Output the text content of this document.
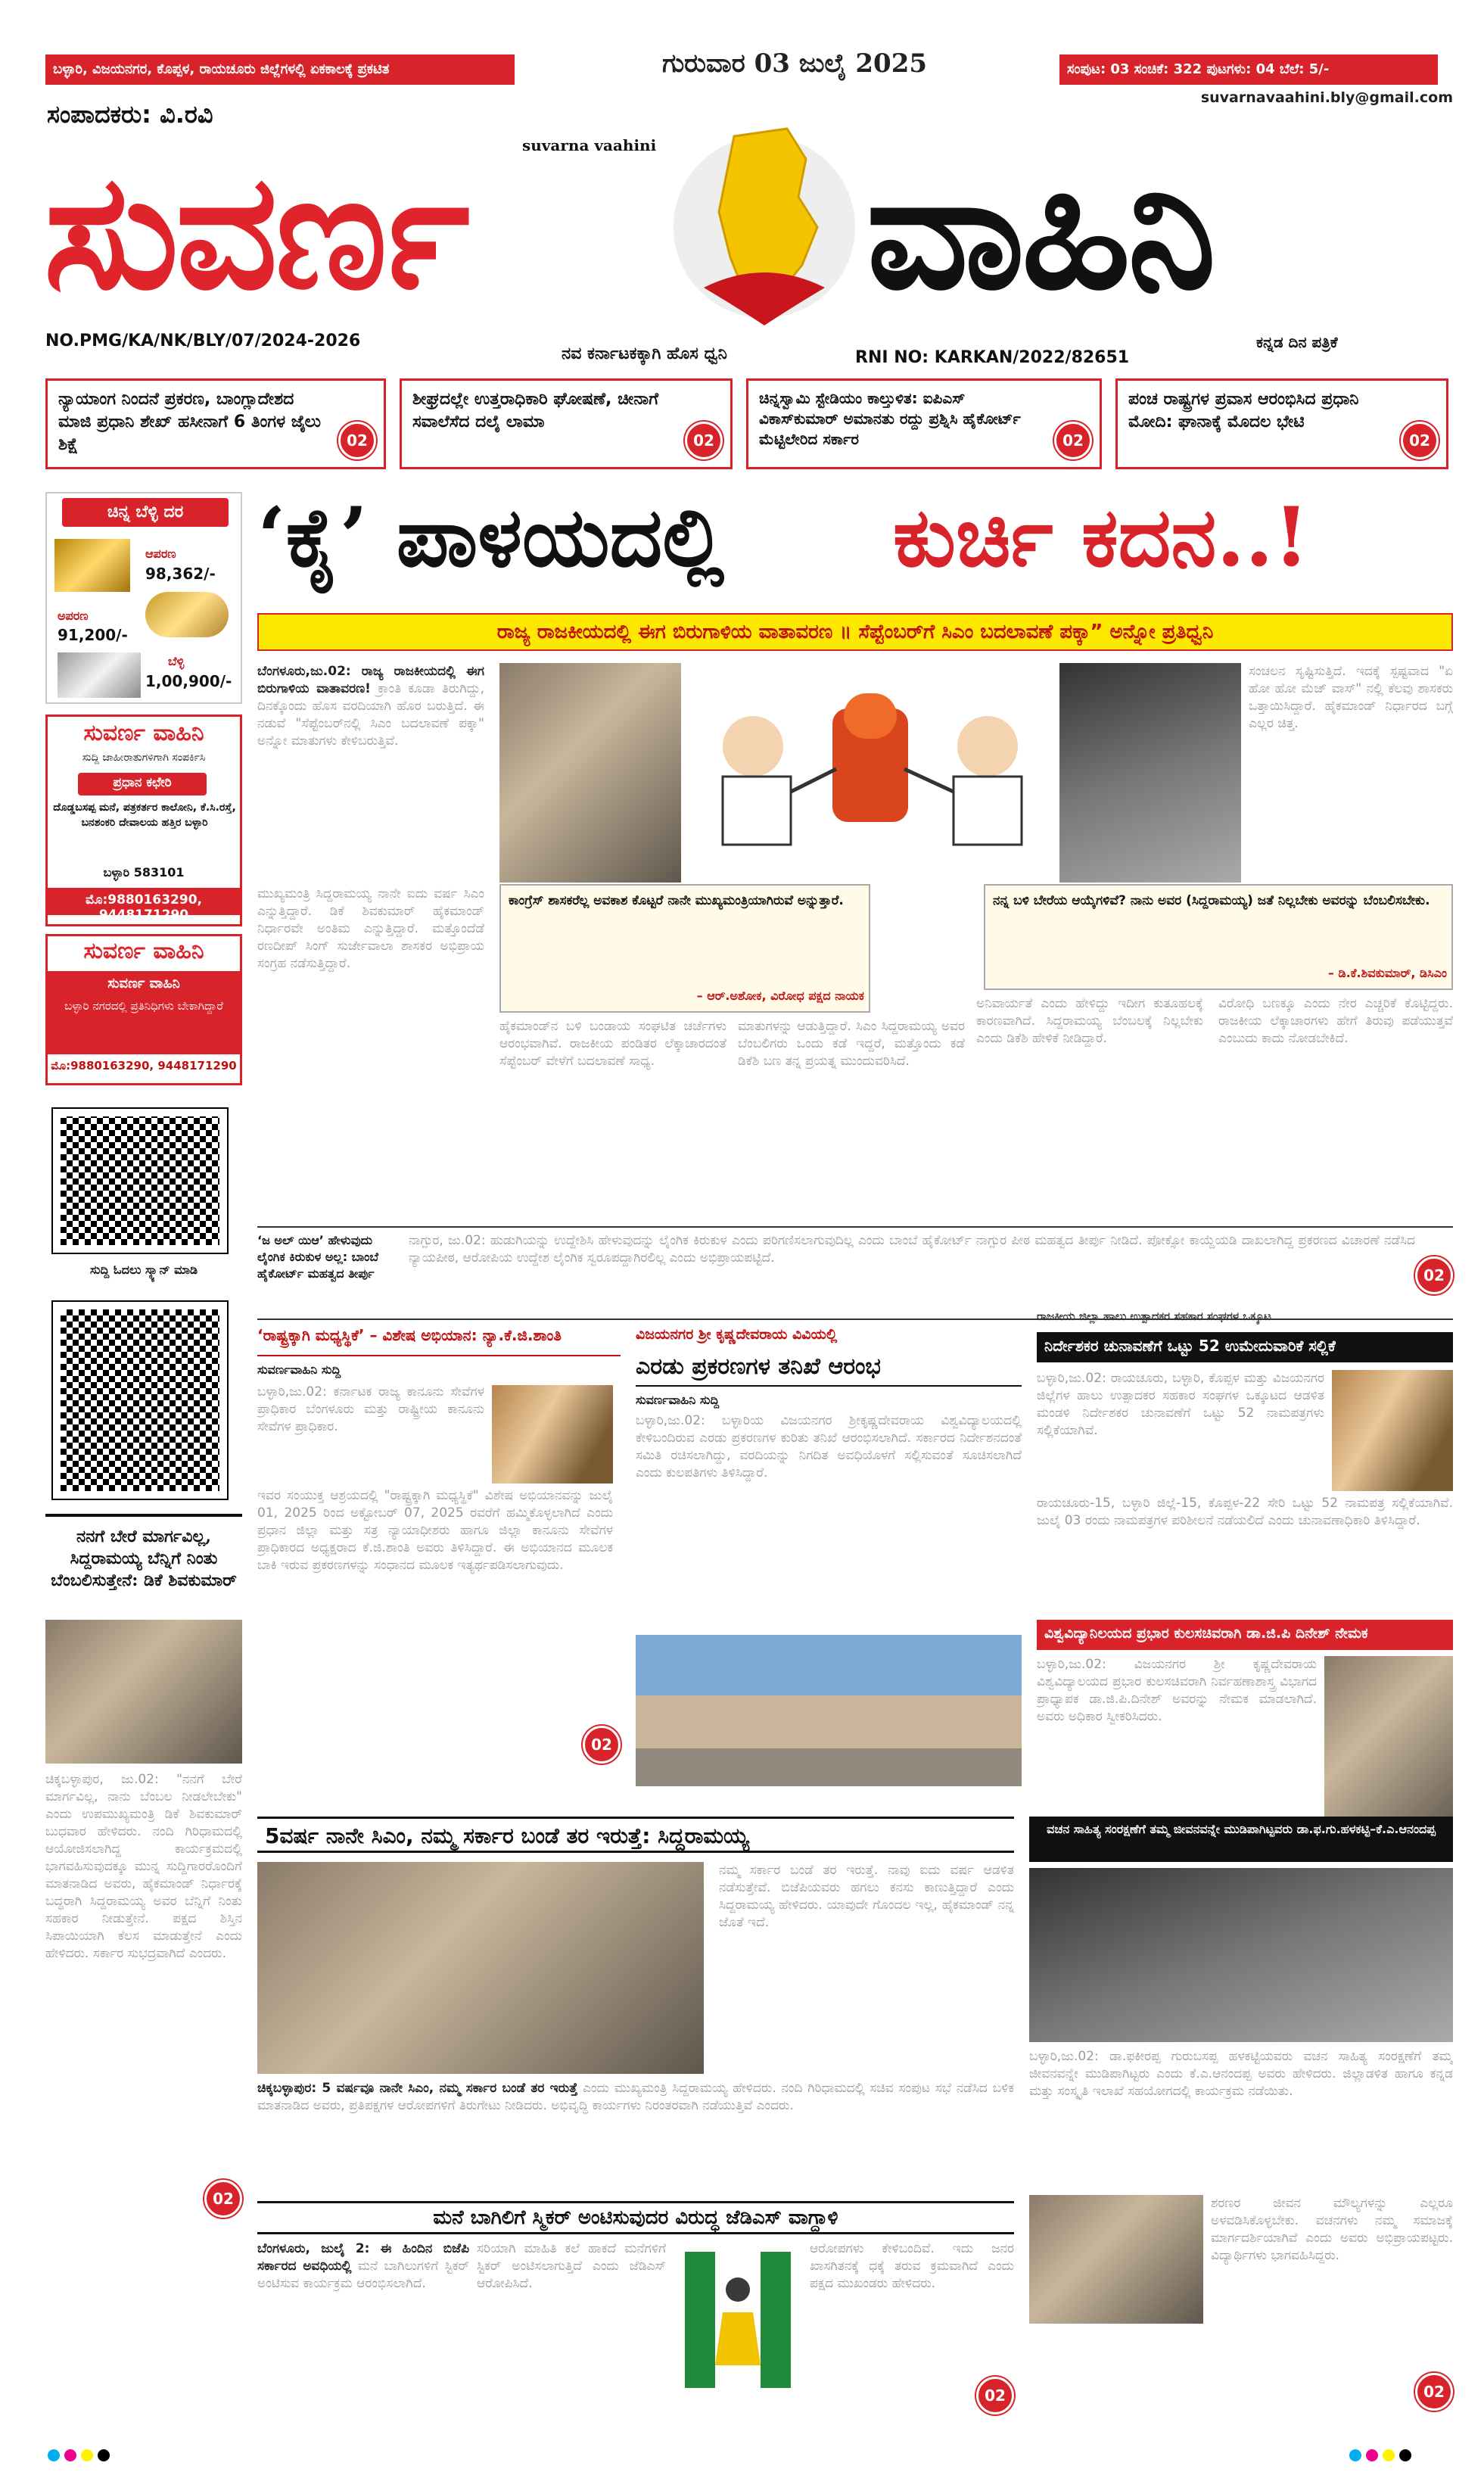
ಬಳ್ಳಾರಿ, ವಿಜಯನಗರ, ಕೊಪ್ಪಳ, ರಾಯಚೂರು ಜಿಲ್ಲೆಗಳಲ್ಲಿ ಏಕಕಾಲಕ್ಕೆ ಪ್ರಕಟಿತ	ಗುರುವಾರ 03 ಜುಲೈ 2025	ಸಂಪುಟ: 03 ಸಂಚಿಕೆ: 322 ಪುಟಗಳು: 04 ಬೆಲೆ: 5/-
suvarnavaahini.bly@gmail.com
ಸಂಪಾದಕರು: ವಿ.ರವಿ
suvarna vaahini
ಸುವರ್ಣ	ವಾಹಿನಿ
NO.PMG/KA/NK/BLY/07/2024-2026
ನವ ಕರ್ನಾಟಕಕ್ಕಾಗಿ ಹೊಸ ಧ್ವನಿ	RNI NO: KARKAN/2022/82651
ಕನ್ನಡ ದಿನ ಪತ್ರಿಕೆ
ನ್ಯಾಯಾಂಗ ನಿಂದನೆ ಪ್ರಕರಣ, ಬಾಂಗ್ಲಾದೇಶದ ಮಾಜಿ ಪ್ರಧಾನಿ ಶೇಖ್ ಹಸೀನಾಗೆ 6 ತಿಂಗಳ ಜೈಲು ಶಿಕ್ಷೆ	02
ಶೀಘ್ರದಲ್ಲೇ ಉತ್ತರಾಧಿಕಾರಿ ಘೋಷಣೆ, ಚೀನಾಗೆ ಸವಾಲೆಸೆದ ದಲೈ ಲಾಮಾ
02
ಚಿನ್ನಸ್ವಾಮಿ ಸ್ಟೇಡಿಯಂ ಕಾಲ್ತುಳಿತ: ಐಪಿಎಸ್ ವಿಕಾಸ್‌ಕುಮಾರ್ ಅಮಾನತು ರದ್ದು ಪ್ರಶ್ನಿಸಿ ಹೈಕೋರ್ಟ್ ಮೆಟ್ಟಿಲೇರಿದ ಸರ್ಕಾರ	02
ಪಂಚ ರಾಷ್ಟ್ರಗಳ ಪ್ರವಾಸ ಆರಂಭಿಸಿದ ಪ್ರಧಾನಿ ಮೋದಿ: ಘಾನಾಕ್ಕೆ ಮೊದಲ ಭೇಟಿ
02
ಚಿನ್ನ ಬೆಳ್ಳಿ ದರ
ಆಪರಣ
98,362/-
ಅಪರಣ
91,200/-
ಬೆಳ್ಳಿ
1,00,900/-
ಸುವರ್ಣ ವಾಹಿನಿ
ಸುದ್ದಿ ಜಾಹೀರಾತುಗಳಿಗಾಗಿ ಸಂಪರ್ಕಿಸಿ
ಪ್ರಧಾನ ಕಛೇರಿ
ದೊಡ್ಡಬಸಪ್ಪ ಮನೆ, ಪತ್ರಕರ್ತರ ಕಾಲೋನಿ, ಕೆ.ಸಿ.ರಸ್ತೆ, ಬನಶಂಕರಿ ದೇವಾಲಯ ಹತ್ತಿರ ಬಳ್ಳಾರಿ
ಬಳ್ಳಾರಿ 583101
ಮೊ:9880163290, 9448171290
ಸುವರ್ಣ ವಾಹಿನಿ
ಸುವರ್ಣ ವಾಹಿನಿ
ಬಳ್ಳಾರಿ ನಗರದಲ್ಲಿ ಪ್ರತಿನಿಧಿಗಳು ಬೇಕಾಗಿದ್ದಾರೆ
ಮೊ:9880163290, 9448171290
ಸುದ್ದಿ ಓದಲು ಸ್ಕ್ಯಾನ್ ಮಾಡಿ
ನನಗೆ ಬೇರೆ ಮಾರ್ಗವಿಲ್ಲ, ಸಿದ್ದರಾಮಯ್ಯ ಬೆನ್ನಿಗೆ ನಿಂತು ಬೆಂಬಲಿಸುತ್ತೇನೆ: ಡಿಕೆ ಶಿವಕುಮಾರ್
ಚಿಕ್ಕಬಳ್ಳಾಪುರ, ಜು.02: "ನನಗೆ ಬೇರೆ ಮಾರ್ಗವಿಲ್ಲ, ನಾನು ಬೆಂಬಲ ನೀಡಲೇಬೇಕು" ಎಂದು ಉಪಮುಖ್ಯಮಂತ್ರಿ ಡಿಕೆ ಶಿವಕುಮಾರ್ ಬುಧವಾರ ಹೇಳಿದರು. ನಂದಿ ಗಿರಿಧಾಮದಲ್ಲಿ ಆಯೋಜಿಸಲಾಗಿದ್ದ ಕಾರ್ಯಕ್ರಮದಲ್ಲಿ ಭಾಗವಹಿಸುವುದಕ್ಕೂ ಮುನ್ನ ಸುದ್ದಿಗಾರರೊಂದಿಗೆ ಮಾತನಾಡಿದ ಅವರು, ಹೈಕಮಾಂಡ್ ನಿರ್ಧಾರಕ್ಕೆ ಬದ್ಧರಾಗಿ ಸಿದ್ದರಾಮಯ್ಯ ಅವರ ಬೆನ್ನಿಗೆ ನಿಂತು ಸಹಕಾರ ನೀಡುತ್ತೇನೆ. ಪಕ್ಷದ ಶಿಸ್ತಿನ ಸಿಪಾಯಿಯಾಗಿ ಕೆಲಸ ಮಾಡುತ್ತೇನೆ ಎಂದು ಹೇಳಿದರು. ಸರ್ಕಾರ ಸುಭದ್ರವಾಗಿದೆ ಎಂದರು.
02
‘ಕೈ’ ಪಾಳಯದಲ್ಲಿ	ಕುರ್ಚಿ ಕದನ..!
ರಾಜ್ಯ ರಾಜಕೀಯದಲ್ಲಿ ಈಗ ಬಿರುಗಾಳಿಯ ವಾತಾವರಣ ॥ ಸೆಪ್ಟೆಂಬರ್‌ಗೆ ಸಿಎಂ ಬದಲಾವಣೆ ಪಕ್ಕಾ” ಅನ್ನೋ ಪ್ರತಿಧ್ವನಿ
ಬೆಂಗಳೂರು,ಜು.02: ರಾಜ್ಯ ರಾಜಕೀಯದಲ್ಲಿ ಈಗ ಬಿರುಗಾಳಿಯ ವಾತಾವರಣ! ಕ್ರಾಂತಿ ಕೂಡಾ ತಿರುಗಿದ್ದು, ದಿನಕ್ಕೊಂದು ಹೊಸ ವರದಿಯಾಗಿ ಹೊರ ಬರುತ್ತಿದೆ. ಈ ನಡುವೆ "ಸೆಪ್ಟೆಂಬರ್‌ನಲ್ಲಿ ಸಿಎಂ ಬದಲಾವಣೆ ಪಕ್ಕಾ" ಅನ್ನೋ ಮಾತುಗಳು ಕೇಳಿಬರುತ್ತಿವೆ.
ಸಂಚಲನ ಸೃಷ್ಟಿಸುತ್ತಿದೆ. ಇದಕ್ಕೆ ಸ್ಪಷ್ಟವಾದ "ಏ ಹೋ ಹೋ ಮೆಜ್ ವಾಸ್" ನಲ್ಲಿ ಕೆಲವು ಶಾಸಕರು ಒತ್ತಾಯಿಸಿದ್ದಾರೆ. ಹೈಕಮಾಂಡ್ ನಿರ್ಧಾರದ ಬಗ್ಗೆ ಎಲ್ಲರ ಚಿತ್ತ.
ಕಾಂಗ್ರೆಸ್ ಶಾಸಕರೆಲ್ಲ ಅವಕಾಶ ಕೊಟ್ಟರೆ ನಾನೇ ಮುಖ್ಯಮಂತ್ರಿಯಾಗಿರುವೆ ಅನ್ನುತ್ತಾರೆ.
– ಆರ್.ಅಶೋಕ, ವಿರೋಧ ಪಕ್ಷದ ನಾಯಕ
ನನ್ನ ಬಳಿ ಬೇರೆಯ ಆಯ್ಕೆಗಳಿವೆ? ನಾನು ಅವರ (ಸಿದ್ದರಾಮಯ್ಯ) ಜತೆ ನಿಲ್ಲಬೇಕು ಅವರನ್ನು ಬೆಂಬಲಿಸಬೇಕು.
– ಡಿ.ಕೆ.ಶಿವಕುಮಾರ್, ಡಿಸಿಎಂ
ಮುಖ್ಯಮಂತ್ರಿ ಸಿದ್ದರಾಮಯ್ಯ ನಾನೇ ಐದು ವರ್ಷ ಸಿಎಂ ಎನ್ನುತ್ತಿದ್ದಾರೆ. ಡಿಕೆ ಶಿವಕುಮಾರ್ ಹೈಕಮಾಂಡ್ ನಿರ್ಧಾರವೇ ಅಂತಿಮ ಎನ್ನುತ್ತಿದ್ದಾರೆ. ಮತ್ತೊಂದೆಡೆ ರಣದೀಪ್ ಸಿಂಗ್ ಸುರ್ಜೇವಾಲಾ ಶಾಸಕರ ಅಭಿಪ್ರಾಯ ಸಂಗ್ರಹ ನಡೆಸುತ್ತಿದ್ದಾರೆ.
ಹೈಕಮಾಂಡ್‌ನ ಬಳಿ ಬಂಡಾಯ ಸಂಘಟಿತ ಚರ್ಚೆಗಳು ಆರಂಭವಾಗಿವೆ. ರಾಜಕೀಯ ಪಂಡಿತರ ಲೆಕ್ಕಾಚಾರದಂತೆ ಸೆಪ್ಟೆಂಬರ್ ವೇಳೆಗೆ ಬದಲಾವಣೆ ಸಾಧ್ಯ.
ಮಾತುಗಳನ್ನು ಆಡುತ್ತಿದ್ದಾರೆ. ಸಿಎಂ ಸಿದ್ದರಾಮಯ್ಯ ಅವರ ಬೆಂಬಲಿಗರು ಒಂದು ಕಡೆ ಇದ್ದರೆ, ಮತ್ತೊಂದು ಕಡೆ ಡಿಕೆಶಿ ಬಣ ತನ್ನ ಪ್ರಯತ್ನ ಮುಂದುವರಿಸಿದೆ.
ಅನಿವಾರ್ಯತೆ ಎಂದು ಹೇಳಿದ್ದು ಇದೀಗ ಕುತೂಹಲಕ್ಕೆ ಕಾರಣವಾಗಿದೆ. ಸಿದ್ದರಾಮಯ್ಯ ಬೆಂಬಲಕ್ಕೆ ನಿಲ್ಲಬೇಕು ಎಂದು ಡಿಕೆಶಿ ಹೇಳಿಕೆ ನೀಡಿದ್ದಾರೆ.
ವಿರೋಧಿ ಬಣಕ್ಕೂ ಎಂದು ನೇರ ಎಚ್ಚರಿಕೆ ಕೊಟ್ಟಿದ್ದರು. ರಾಜಕೀಯ ಲೆಕ್ಕಾಚಾರಗಳು ಹೇಗೆ ತಿರುವು ಪಡೆಯುತ್ತವೆ ಎಂಬುದು ಕಾದು ನೋಡಬೇಕಿದೆ.
‘ಜ ಅಲ್ ಯಿಆ’ ಹೇಳುವುದು ಲೈಂಗಿಕ ಕಿರುಕುಳ ಅಲ್ಲ: ಬಾಂಬೆ ಹೈಕೋರ್ಟ್ ಮಹತ್ವದ ತೀರ್ಪು
ನಾಗ್ಪುರ, ಜು.02: ಹುಡುಗಿಯನ್ನು ಉದ್ದೇಶಿಸಿ ಹೇಳುವುದನ್ನು ಲೈಂಗಿಕ ಕಿರುಕುಳ ಎಂದು ಪರಿಗಣಿಸಲಾಗುವುದಿಲ್ಲ ಎಂದು ಬಾಂಬೆ ಹೈಕೋರ್ಟ್ ನಾಗ್ಪುರ ಪೀಠ ಮಹತ್ವದ ತೀರ್ಪು ನೀಡಿದೆ. ಪೋಕ್ಸೋ ಕಾಯ್ದೆಯಡಿ ದಾಖಲಾಗಿದ್ದ ಪ್ರಕರಣದ ವಿಚಾರಣೆ ನಡೆಸಿದ ನ್ಯಾಯಪೀಠ, ಆರೋಪಿಯ ಉದ್ದೇಶ ಲೈಂಗಿಕ ಸ್ವರೂಪದ್ದಾಗಿರಲಿಲ್ಲ ಎಂದು ಅಭಿಪ್ರಾಯಪಟ್ಟಿದೆ.
02
‘ರಾಷ್ಟ್ರಕ್ಕಾಗಿ ಮಧ್ಯಸ್ಥಿಕೆ’ – ವಿಶೇಷ ಅಭಿಯಾನ: ನ್ಯಾ.ಕೆ.ಜಿ.ಶಾಂತಿ
ಸುವರ್ಣವಾಹಿನಿ ಸುದ್ದಿ
ಬಳ್ಳಾರಿ,ಜು.02: ಕರ್ನಾಟಕ ರಾಜ್ಯ ಕಾನೂನು ಸೇವೆಗಳ ಪ್ರಾಧಿಕಾರ ಬೆಂಗಳೂರು ಮತ್ತು ರಾಷ್ಟ್ರೀಯ ಕಾನೂನು ಸೇವೆಗಳ ಪ್ರಾಧಿಕಾರ.
ಇವರ ಸಂಯುಕ್ತ ಆಶ್ರಯದಲ್ಲಿ "ರಾಷ್ಟ್ರಕ್ಕಾಗಿ ಮಧ್ಯಸ್ಥಿಕೆ" ವಿಶೇಷ ಅಭಿಯಾನವನ್ನು ಜುಲೈ 01, 2025 ರಿಂದ ಅಕ್ಟೋಬರ್ 07, 2025 ರವರೆಗೆ ಹಮ್ಮಿಕೊಳ್ಳಲಾಗಿದೆ ಎಂದು ಪ್ರಧಾನ ಜಿಲ್ಲಾ ಮತ್ತು ಸತ್ರ ನ್ಯಾಯಾಧೀಶರು ಹಾಗೂ ಜಿಲ್ಲಾ ಕಾನೂನು ಸೇವೆಗಳ ಪ್ರಾಧಿಕಾರದ ಅಧ್ಯಕ್ಷರಾದ ಕೆ.ಜಿ.ಶಾಂತಿ ಅವರು ತಿಳಿಸಿದ್ದಾರೆ. ಈ ಅಭಿಯಾನದ ಮೂಲಕ ಬಾಕಿ ಇರುವ ಪ್ರಕರಣಗಳನ್ನು ಸಂಧಾನದ ಮೂಲಕ ಇತ್ಯರ್ಥಪಡಿಸಲಾಗುವುದು.
02
ವಿಜಯನಗರ ಶ್ರೀ ಕೃಷ್ಣದೇವರಾಯ ವಿವಿಯಲ್ಲಿ
ಎರಡು ಪ್ರಕರಣಗಳ ತನಿಖೆ ಆರಂಭ
ಸುವರ್ಣವಾಹಿನಿ ಸುದ್ದಿ
ಬಳ್ಳಾರಿ,ಜು.02: ಬಳ್ಳಾರಿಯ ವಿಜಯನಗರ ಶ್ರೀಕೃಷ್ಣದೇವರಾಯ ವಿಶ್ವವಿದ್ಯಾಲಯದಲ್ಲಿ ಕೇಳಿಬಂದಿರುವ ಎರಡು ಪ್ರಕರಣಗಳ ಕುರಿತು ತನಿಖೆ ಆರಂಭಿಸಲಾಗಿದೆ. ಸರ್ಕಾರದ ನಿರ್ದೇಶನದಂತೆ ಸಮಿತಿ ರಚಿಸಲಾಗಿದ್ದು, ವರದಿಯನ್ನು ನಿಗದಿತ ಅವಧಿಯೊಳಗೆ ಸಲ್ಲಿಸುವಂತೆ ಸೂಚಿಸಲಾಗಿದೆ ಎಂದು ಕುಲಪತಿಗಳು ತಿಳಿಸಿದ್ದಾರೆ.
ರಾಜಕೀಯ ಜಿಲ್ಲಾ ಹಾಲು ಉತ್ಪಾದಕರ ಸಹಕಾರ ಸಂಘಗಳ ಒಕ್ಕೂಟ
ನಿರ್ದೇಶಕರ ಚುನಾವಣೆಗೆ ಒಟ್ಟು 52 ಉಮೇದುವಾರಿಕೆ ಸಲ್ಲಿಕೆ
ಬಳ್ಳಾರಿ,ಜು.02: ರಾಯಚೂರು, ಬಳ್ಳಾರಿ, ಕೊಪ್ಪಳ ಮತ್ತು ವಿಜಯನಗರ ಜಿಲ್ಲೆಗಳ ಹಾಲು ಉತ್ಪಾದಕರ ಸಹಕಾರ ಸಂಘಗಳ ಒಕ್ಕೂಟದ ಆಡಳಿತ ಮಂಡಳಿ ನಿರ್ದೇಶಕರ ಚುನಾವಣೆಗೆ ಒಟ್ಟು 52 ನಾಮಪತ್ರಗಳು ಸಲ್ಲಿಕೆಯಾಗಿವೆ.
ರಾಯಚೂರು-15, ಬಳ್ಳಾರಿ ಜಿಲ್ಲೆ-15, ಕೊಪ್ಪಳ-22 ಸೇರಿ ಒಟ್ಟು 52 ನಾಮಪತ್ರ ಸಲ್ಲಿಕೆಯಾಗಿವೆ. ಜುಲೈ 03 ರಂದು ನಾಮಪತ್ರಗಳ ಪರಿಶೀಲನೆ ನಡೆಯಲಿದೆ ಎಂದು ಚುನಾವಣಾಧಿಕಾರಿ ತಿಳಿಸಿದ್ದಾರೆ.
ವಿಶ್ವವಿದ್ಯಾನಿಲಯದ ಪ್ರಭಾರ ಕುಲಸಚಿವರಾಗಿ ಡಾ.ಜಿ.ಪಿ ದಿನೇಶ್ ನೇಮಕ
ಬಳ್ಳಾರಿ,ಜು.02: ವಿಜಯನಗರ ಶ್ರೀ ಕೃಷ್ಣದೇವರಾಯ ವಿಶ್ವವಿದ್ಯಾಲಯದ ಪ್ರಭಾರ ಕುಲಸಚಿವರಾಗಿ ನಿರ್ವಹಣಾಶಾಸ್ತ್ರ ವಿಭಾಗದ ಪ್ರಾಧ್ಯಾಪಕ ಡಾ.ಜಿ.ಪಿ.ದಿನೇಶ್ ಅವರನ್ನು ನೇಮಕ ಮಾಡಲಾಗಿದೆ. ಅವರು ಅಧಿಕಾರ ಸ್ವೀಕರಿಸಿದರು.
5ವರ್ಷ ನಾನೇ ಸಿಎಂ, ನಮ್ಮ ಸರ್ಕಾರ ಬಂಡೆ ತರ ಇರುತ್ತೆ: ಸಿದ್ದರಾಮಯ್ಯ
ನಮ್ಮ ಸರ್ಕಾರ ಬಂಡೆ ತರ ಇರುತ್ತೆ. ನಾವು ಐದು ವರ್ಷ ಆಡಳಿತ ನಡೆಸುತ್ತೇವೆ. ಬಿಜೆಪಿಯವರು ಹಗಲು ಕನಸು ಕಾಣುತ್ತಿದ್ದಾರೆ ಎಂದು ಸಿದ್ದರಾಮಯ್ಯ ಹೇಳಿದರು. ಯಾವುದೇ ಗೊಂದಲ ಇಲ್ಲ, ಹೈಕಮಾಂಡ್ ನನ್ನ ಜೊತೆ ಇದೆ.
ಚಿಕ್ಕಬಳ್ಳಾಪುರ: 5 ವರ್ಷವೂ ನಾನೇ ಸಿಎಂ, ನಮ್ಮ ಸರ್ಕಾರ ಬಂಡೆ ತರ ಇರುತ್ತೆ ಎಂದು ಮುಖ್ಯಮಂತ್ರಿ ಸಿದ್ದರಾಮಯ್ಯ ಹೇಳಿದರು. ನಂದಿ ಗಿರಿಧಾಮದಲ್ಲಿ ಸಚಿವ ಸಂಪುಟ ಸಭೆ ನಡೆಸಿದ ಬಳಿಕ ಮಾತನಾಡಿದ ಅವರು, ಪ್ರತಿಪಕ್ಷಗಳ ಆರೋಪಗಳಿಗೆ ತಿರುಗೇಟು ನೀಡಿದರು. ಅಭಿವೃದ್ಧಿ ಕಾರ್ಯಗಳು ನಿರಂತರವಾಗಿ ನಡೆಯುತ್ತಿವೆ ಎಂದರು.
ವಚನ ಸಾಹಿತ್ಯ ಸಂರಕ್ಷಣೆಗೆ ತಮ್ಮ ಜೀವನವನ್ನೇ ಮುಡಿಪಾಗಿಟ್ಟವರು ಡಾ.ಫ.ಗು.ಹಳಕಟ್ಟಿ–ಕೆ.ಎ.ಆನಂದಪ್ಪ
ಬಳ್ಳಾರಿ,ಜು.02: ಡಾ.ಫಕೀರಪ್ಪ ಗುರುಬಸಪ್ಪ ಹಳಕಟ್ಟಿಯವರು ವಚನ ಸಾಹಿತ್ಯ ಸಂರಕ್ಷಣೆಗೆ ತಮ್ಮ ಜೀವನವನ್ನೇ ಮುಡಿಪಾಗಿಟ್ಟರು ಎಂದು ಕೆ.ಎ.ಆನಂದಪ್ಪ ಅವರು ಹೇಳಿದರು. ಜಿಲ್ಲಾಡಳಿತ ಹಾಗೂ ಕನ್ನಡ ಮತ್ತು ಸಂಸ್ಕೃತಿ ಇಲಾಖೆ ಸಹಯೋಗದಲ್ಲಿ ಕಾರ್ಯಕ್ರಮ ನಡೆಯಿತು.
ಶರಣರ ಜೀವನ ಮೌಲ್ಯಗಳನ್ನು ಎಲ್ಲರೂ ಅಳವಡಿಸಿಕೊಳ್ಳಬೇಕು. ವಚನಗಳು ನಮ್ಮ ಸಮಾಜಕ್ಕೆ ಮಾರ್ಗದರ್ಶಿಯಾಗಿವೆ ಎಂದು ಅವರು ಅಭಿಪ್ರಾಯಪಟ್ಟರು. ವಿದ್ಯಾರ್ಥಿಗಳು ಭಾಗವಹಿಸಿದ್ದರು.
02
ಮನೆ ಬಾಗಿಲಿಗೆ ಸ್ಮಿಕರ್ ಅಂಟಿಸುವುದರ ವಿರುದ್ಧ ಜೆಡಿಎಸ್ ವಾಗ್ದಾಳಿ
ಬೆಂಗಳೂರು, ಜುಲೈ 2: ಈ ಹಿಂದಿನ ಬಿಜೆಪಿ ಸರ್ಕಾರದ ಅವಧಿಯಲ್ಲಿ ಮನೆ ಬಾಗಿಲುಗಳಿಗೆ ಸ್ಟಿಕರ್ ಅಂಟಿಸುವ ಕಾರ್ಯಕ್ರಮ ಆರಂಭಿಸಲಾಗಿದೆ.
ಸರಿಯಾಗಿ ಮಾಹಿತಿ ಕಲೆ ಹಾಕದೆ ಮನೆಗಳಿಗೆ ಸ್ಟಿಕರ್ ಅಂಟಿಸಲಾಗುತ್ತಿದೆ ಎಂದು ಜೆಡಿಎಸ್ ಆರೋಪಿಸಿದೆ.
ಆರೋಪಗಳು ಕೇಳಿಬಂದಿವೆ. ಇದು ಜನರ ಖಾಸಗಿತನಕ್ಕೆ ಧಕ್ಕೆ ತರುವ ಕ್ರಮವಾಗಿದೆ ಎಂದು ಪಕ್ಷದ ಮುಖಂಡರು ಹೇಳಿದರು.
02
